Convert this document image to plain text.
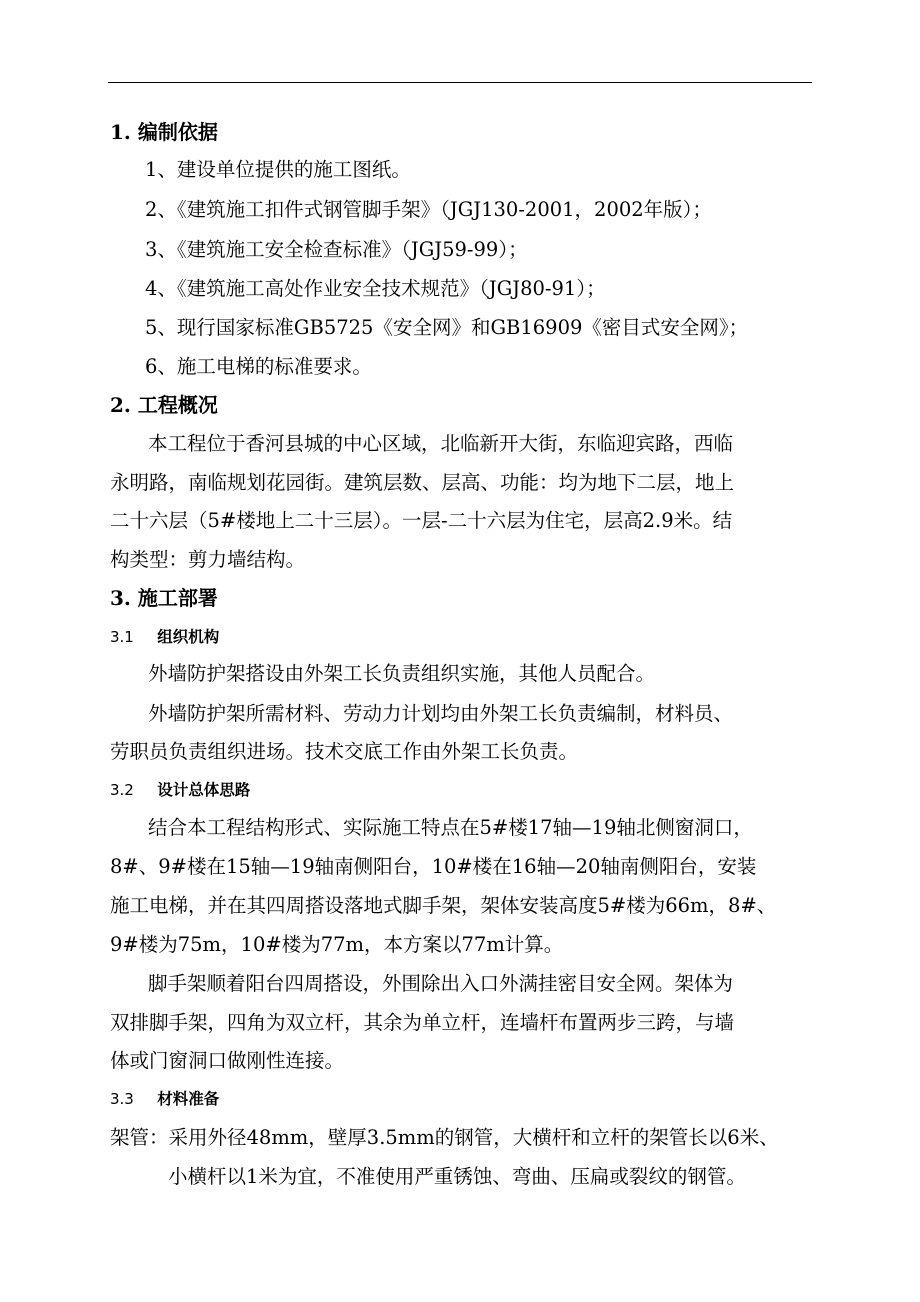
1. 编制依据
1、建设单位提供的施工图纸。
2、《建筑施工扣件式钢管脚手架》（JGJ130-2001，2002年版）；
3、《建筑施工安全检查标准》（JGJ59-99）；
4、《建筑施工高处作业安全技术规范》（JGJ80-91）；
5、现行国家标准GB5725《安全网》和GB16909《密目式安全网》；
6、施工电梯的标准要求。
2. 工程概况
本工程位于香河县城的中心区域，北临新开大街，东临迎宾路，西临
永明路，南临规划花园街。建筑层数、层高、功能：均为地下二层，地上
二十六层（5#楼地上二十三层）。一层-二十六层为住宅，层高2.9米。结
构类型：剪力墙结构。
3. 施工部署
3.1 组织机构
外墙防护架搭设由外架工长负责组织实施，其他人员配合。
外墙防护架所需材料、劳动力计划均由外架工长负责编制，材料员、
劳职员负责组织进场。技术交底工作由外架工长负责。
3.2 设计总体思路
结合本工程结构形式、实际施工特点在5#楼17轴—19轴北侧窗洞口，
8#、9#楼在15轴—19轴南侧阳台，10#楼在16轴—20轴南侧阳台，安装
施工电梯，并在其四周搭设落地式脚手架，架体安装高度5#楼为66m，8#、
9#楼为75m，10#楼为77m，本方案以77m计算。
脚手架顺着阳台四周搭设，外围除出入口外满挂密目安全网。架体为
双排脚手架，四角为双立杆，其余为单立杆，连墙杆布置两步三跨，与墙
体或门窗洞口做刚性连接。
3.3 材料准备
架管：采用外径48mm，壁厚3.5mm的钢管，大横杆和立杆的架管长以6米、
小横杆以1米为宜，不准使用严重锈蚀、弯曲、压扁或裂纹的钢管。
